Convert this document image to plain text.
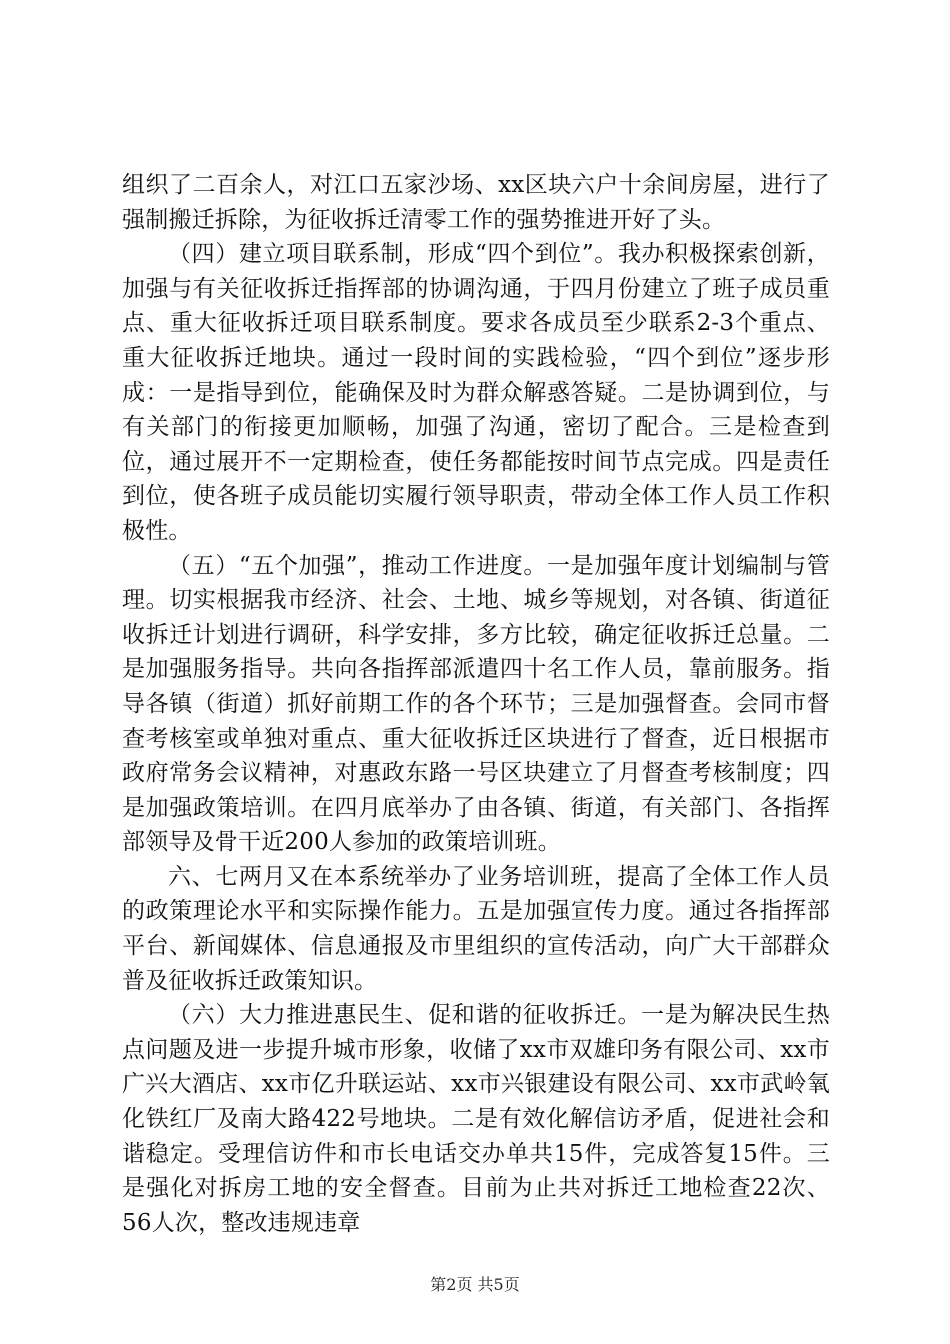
组织了二百余人，对江口五家沙场、xx区块六户十余间房屋，进行了强制搬迁拆除，为征收拆迁清零工作的强势推进开好了头。

（四）建立项目联系制，形成“四个到位”。我办积极探索创新，加强与有关征收拆迁指挥部的协调沟通，于四月份建立了班子成员重点、重大征收拆迁项目联系制度。要求各成员至少联系2-3个重点、重大征收拆迁地块。通过一段时间的实践检验，“四个到位”逐步形成：一是指导到位，能确保及时为群众解惑答疑。二是协调到位，与有关部门的衔接更加顺畅，加强了沟通，密切了配合。三是检查到位，通过展开不一定期检查，使任务都能按时间节点完成。四是责任到位，使各班子成员能切实履行领导职责，带动全体工作人员工作积极性。

（五）“五个加强”，推动工作进度。一是加强年度计划编制与管理。切实根据我市经济、社会、土地、城乡等规划，对各镇、街道征收拆迁计划进行调研，科学安排，多方比较，确定征收拆迁总量。二是加强服务指导。共向各指挥部派遣四十名工作人员，靠前服务。指导各镇（街道）抓好前期工作的各个环节；三是加强督查。会同市督查考核室或单独对重点、重大征收拆迁区块进行了督查，近日根据市政府常务会议精神，对惠政东路一号区块建立了月督查考核制度；四是加强政策培训。在四月底举办了由各镇、街道，有关部门、各指挥部领导及骨干近200人参加的政策培训班。

六、七两月又在本系统举办了业务培训班，提高了全体工作人员的政策理论水平和实际操作能力。五是加强宣传力度。通过各指挥部平台、新闻媒体、信息通报及市里组织的宣传活动，向广大干部群众普及征收拆迁政策知识。

（六）大力推进惠民生、促和谐的征收拆迁。一是为解决民生热点问题及进一步提升城市形象，收储了xx市双雄印务有限公司、xx市广兴大酒店、xx市亿升联运站、xx市兴银建设有限公司、xx市武岭氧化铁红厂及南大路422号地块。二是有效化解信访矛盾，促进社会和谐稳定。受理信访件和市长电话交办单共15件，完成答复15件。三是强化对拆房工地的安全督查。目前为止共对拆迁工地检查22次、56人次，整改违规违章

第2页 共5页
